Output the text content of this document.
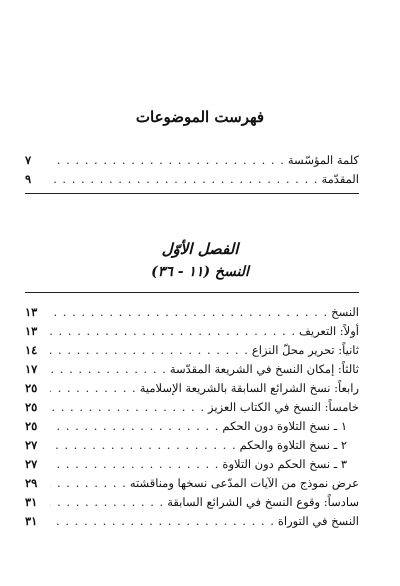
فهرست الموضوعات
كلمة المؤسّسة
. . .
٧
المقدّمة
. . .
٩
الفصل الأوّل
النسخ (١١ - ٣٦)
النسخ
. . .
١٣
أولاً: التعريف
. . .
١٣
ثانياً: تحرير محلّ النزاع
. . .
١٤
ثالثاً: إمكان النسخ في الشريعة المقدّسة
. . .
١٧
رابعاً: نسخ الشرائع السابقة بالشريعة الإسلامية
. . .
٢٥
خامساً: النسخ في الكتاب العزيز
. . .
٢٥
١ ـ نسخ التلاوة دون الحكم
. . .
٢٥
٢ ـ نسخ التلاوة والحكم
. . .
٢٧
٣ ـ نسخ الحكم دون التلاوة
. . .
٢٧
عرض نموذج من الآيات المدّعى نسخها ومناقشته
. . .
٢٩
سادساً: وقوع النسخ في الشرائع السابقة
. . .
٣١
النسخ في التوراة
. . .
٣١
